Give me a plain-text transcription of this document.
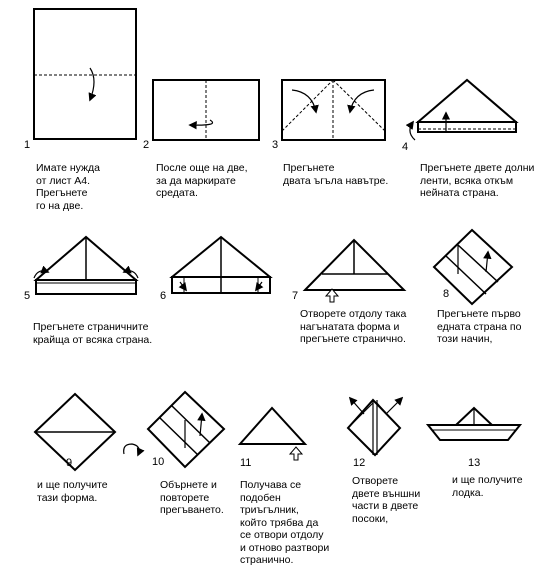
1	2	3	4
5	6	7	8
9	10	11	12	13
Имате нужда
от лист А4.
Прегънете
го на две.
После още на две,
за да маркирате
средата.
Прегънете
двата ъгъла навътре.
Прегънете двете долни
ленти, всяка откъм
нейната страна.
Прегънете страничните
крайща от всяка страна.
Отворете отдолу така
нагънатата форма и
прегънете странично.
Прегънете първо
едната страна по
този начин,
и ще получите
тази форма.
Обърнете и
повторете
прегъването.
Получава се
подобен
триъгълник,
който трябва да
се отвори отдолу
и отново разтвори
странично.
Отворете
двете външни
части в двете
посоки,
и ще получите
лодка.
